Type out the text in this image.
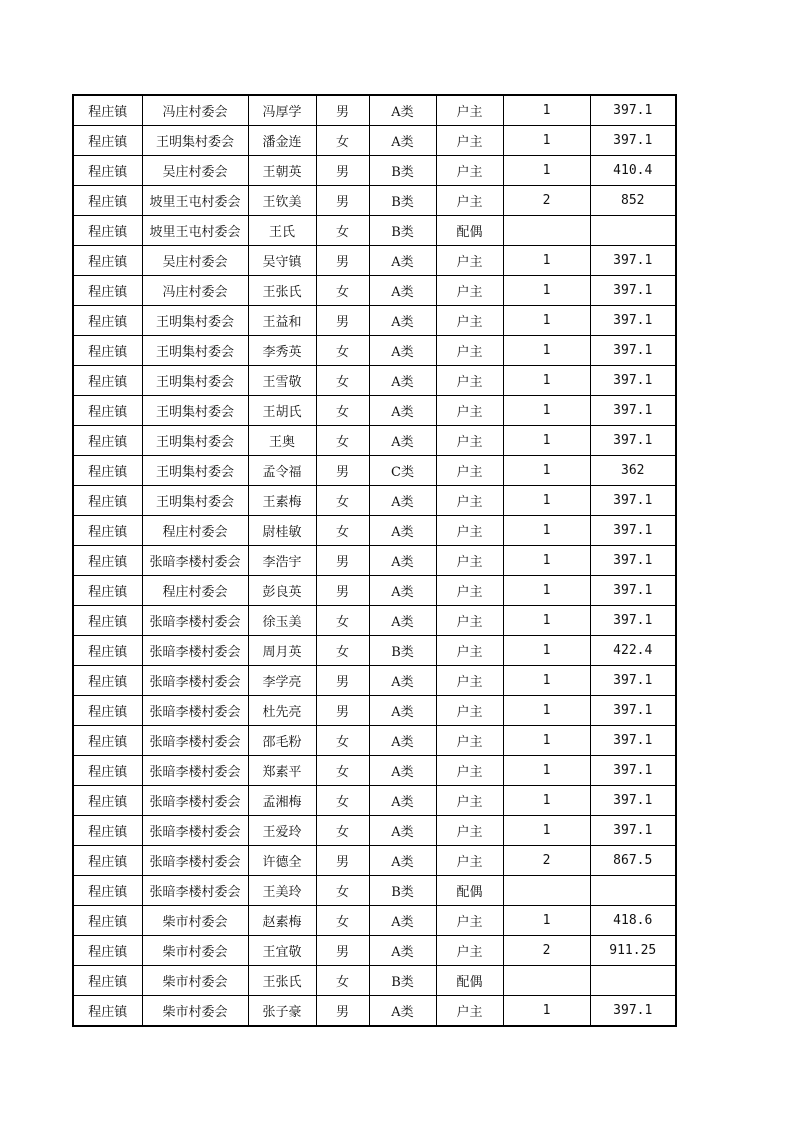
程庄镇	冯庄村委会	冯厚学	男	A类	户主	1	397.1
程庄镇	王明集村委会	潘金连	女	A类	户主	1	397.1
程庄镇	吴庄村委会	王朝英	男	B类	户主	1	410.4
程庄镇	坡里王屯村委会	王钦美	男	B类	户主	2	852
程庄镇	坡里王屯村委会	王氏	女	B类	配偶		
程庄镇	吴庄村委会	吴守镇	男	A类	户主	1	397.1
程庄镇	冯庄村委会	王张氏	女	A类	户主	1	397.1
程庄镇	王明集村委会	王益和	男	A类	户主	1	397.1
程庄镇	王明集村委会	李秀英	女	A类	户主	1	397.1
程庄镇	王明集村委会	王雪敬	女	A类	户主	1	397.1
程庄镇	王明集村委会	王胡氏	女	A类	户主	1	397.1
程庄镇	王明集村委会	王奥	女	A类	户主	1	397.1
程庄镇	王明集村委会	孟令福	男	C类	户主	1	362
程庄镇	王明集村委会	王素梅	女	A类	户主	1	397.1
程庄镇	程庄村委会	尉桂敏	女	A类	户主	1	397.1
程庄镇	张暗李楼村委会	李浩宇	男	A类	户主	1	397.1
程庄镇	程庄村委会	彭良英	男	A类	户主	1	397.1
程庄镇	张暗李楼村委会	徐玉美	女	A类	户主	1	397.1
程庄镇	张暗李楼村委会	周月英	女	B类	户主	1	422.4
程庄镇	张暗李楼村委会	李学亮	男	A类	户主	1	397.1
程庄镇	张暗李楼村委会	杜先亮	男	A类	户主	1	397.1
程庄镇	张暗李楼村委会	邵毛粉	女	A类	户主	1	397.1
程庄镇	张暗李楼村委会	郑素平	女	A类	户主	1	397.1
程庄镇	张暗李楼村委会	孟湘梅	女	A类	户主	1	397.1
程庄镇	张暗李楼村委会	王爱玲	女	A类	户主	1	397.1
程庄镇	张暗李楼村委会	许德全	男	A类	户主	2	867.5
程庄镇	张暗李楼村委会	王美玲	女	B类	配偶		
程庄镇	柴市村委会	赵素梅	女	A类	户主	1	418.6
程庄镇	柴市村委会	王宜敬	男	A类	户主	2	911.25
程庄镇	柴市村委会	王张氏	女	B类	配偶		
程庄镇	柴市村委会	张子豪	男	A类	户主	1	397.1
